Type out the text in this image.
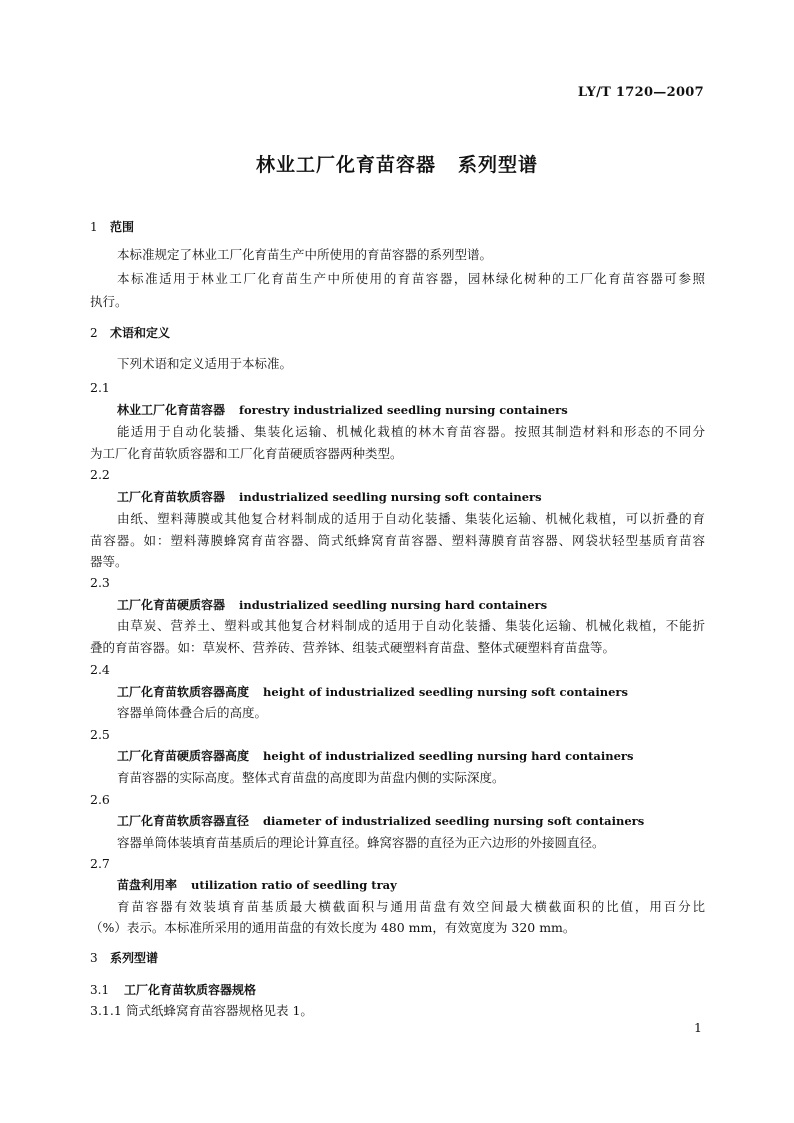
LY/T 1720—2007
林业工厂化育苗容器 系列型谱
1 范围
本标准规定了林业工厂化育苗生产中所使用的育苗容器的系列型谱。
本标准适用于林业工厂化育苗生产中所使用的育苗容器，园林绿化树种的工厂化育苗容器可参照
执行。
2 术语和定义
下列术语和定义适用于本标准。
2.1
林业工厂化育苗容器 forestry industrialized seedling nursing containers
能适用于自动化装播、集装化运输、机械化栽植的林木育苗容器。按照其制造材料和形态的不同分
为工厂化育苗软质容器和工厂化育苗硬质容器两种类型。
2.2
工厂化育苗软质容器 industrialized seedling nursing soft containers
由纸、塑料薄膜或其他复合材料制成的适用于自动化装播、集装化运输、机械化栽植，可以折叠的育
苗容器。如：塑料薄膜蜂窝育苗容器、筒式纸蜂窝育苗容器、塑料薄膜育苗容器、网袋状轻型基质育苗容
器等。
2.3
工厂化育苗硬质容器 industrialized seedling nursing hard containers
由草炭、营养土、塑料或其他复合材料制成的适用于自动化装播、集装化运输、机械化栽植，不能折
叠的育苗容器。如：草炭杯、营养砖、营养钵、组装式硬塑料育苗盘、整体式硬塑料育苗盘等。
2.4
工厂化育苗软质容器高度 height of industrialized seedling nursing soft containers
容器单筒体叠合后的高度。
2.5
工厂化育苗硬质容器高度 height of industrialized seedling nursing hard containers
育苗容器的实际高度。整体式育苗盘的高度即为苗盘内侧的实际深度。
2.6
工厂化育苗软质容器直径 diameter of industrialized seedling nursing soft containers
容器单筒体装填育苗基质后的理论计算直径。蜂窝容器的直径为正六边形的外接圆直径。
2.7
苗盘利用率 utilization ratio of seedling tray
育苗容器有效装填育苗基质最大横截面积与通用苗盘有效空间最大横截面积的比值，用百分比
（%）表示。本标准所采用的通用苗盘的有效长度为 480 mm，有效宽度为 320 mm。
3 系列型谱
3.1 工厂化育苗软质容器规格
3.1.1 筒式纸蜂窝育苗容器规格见表 1。
1
